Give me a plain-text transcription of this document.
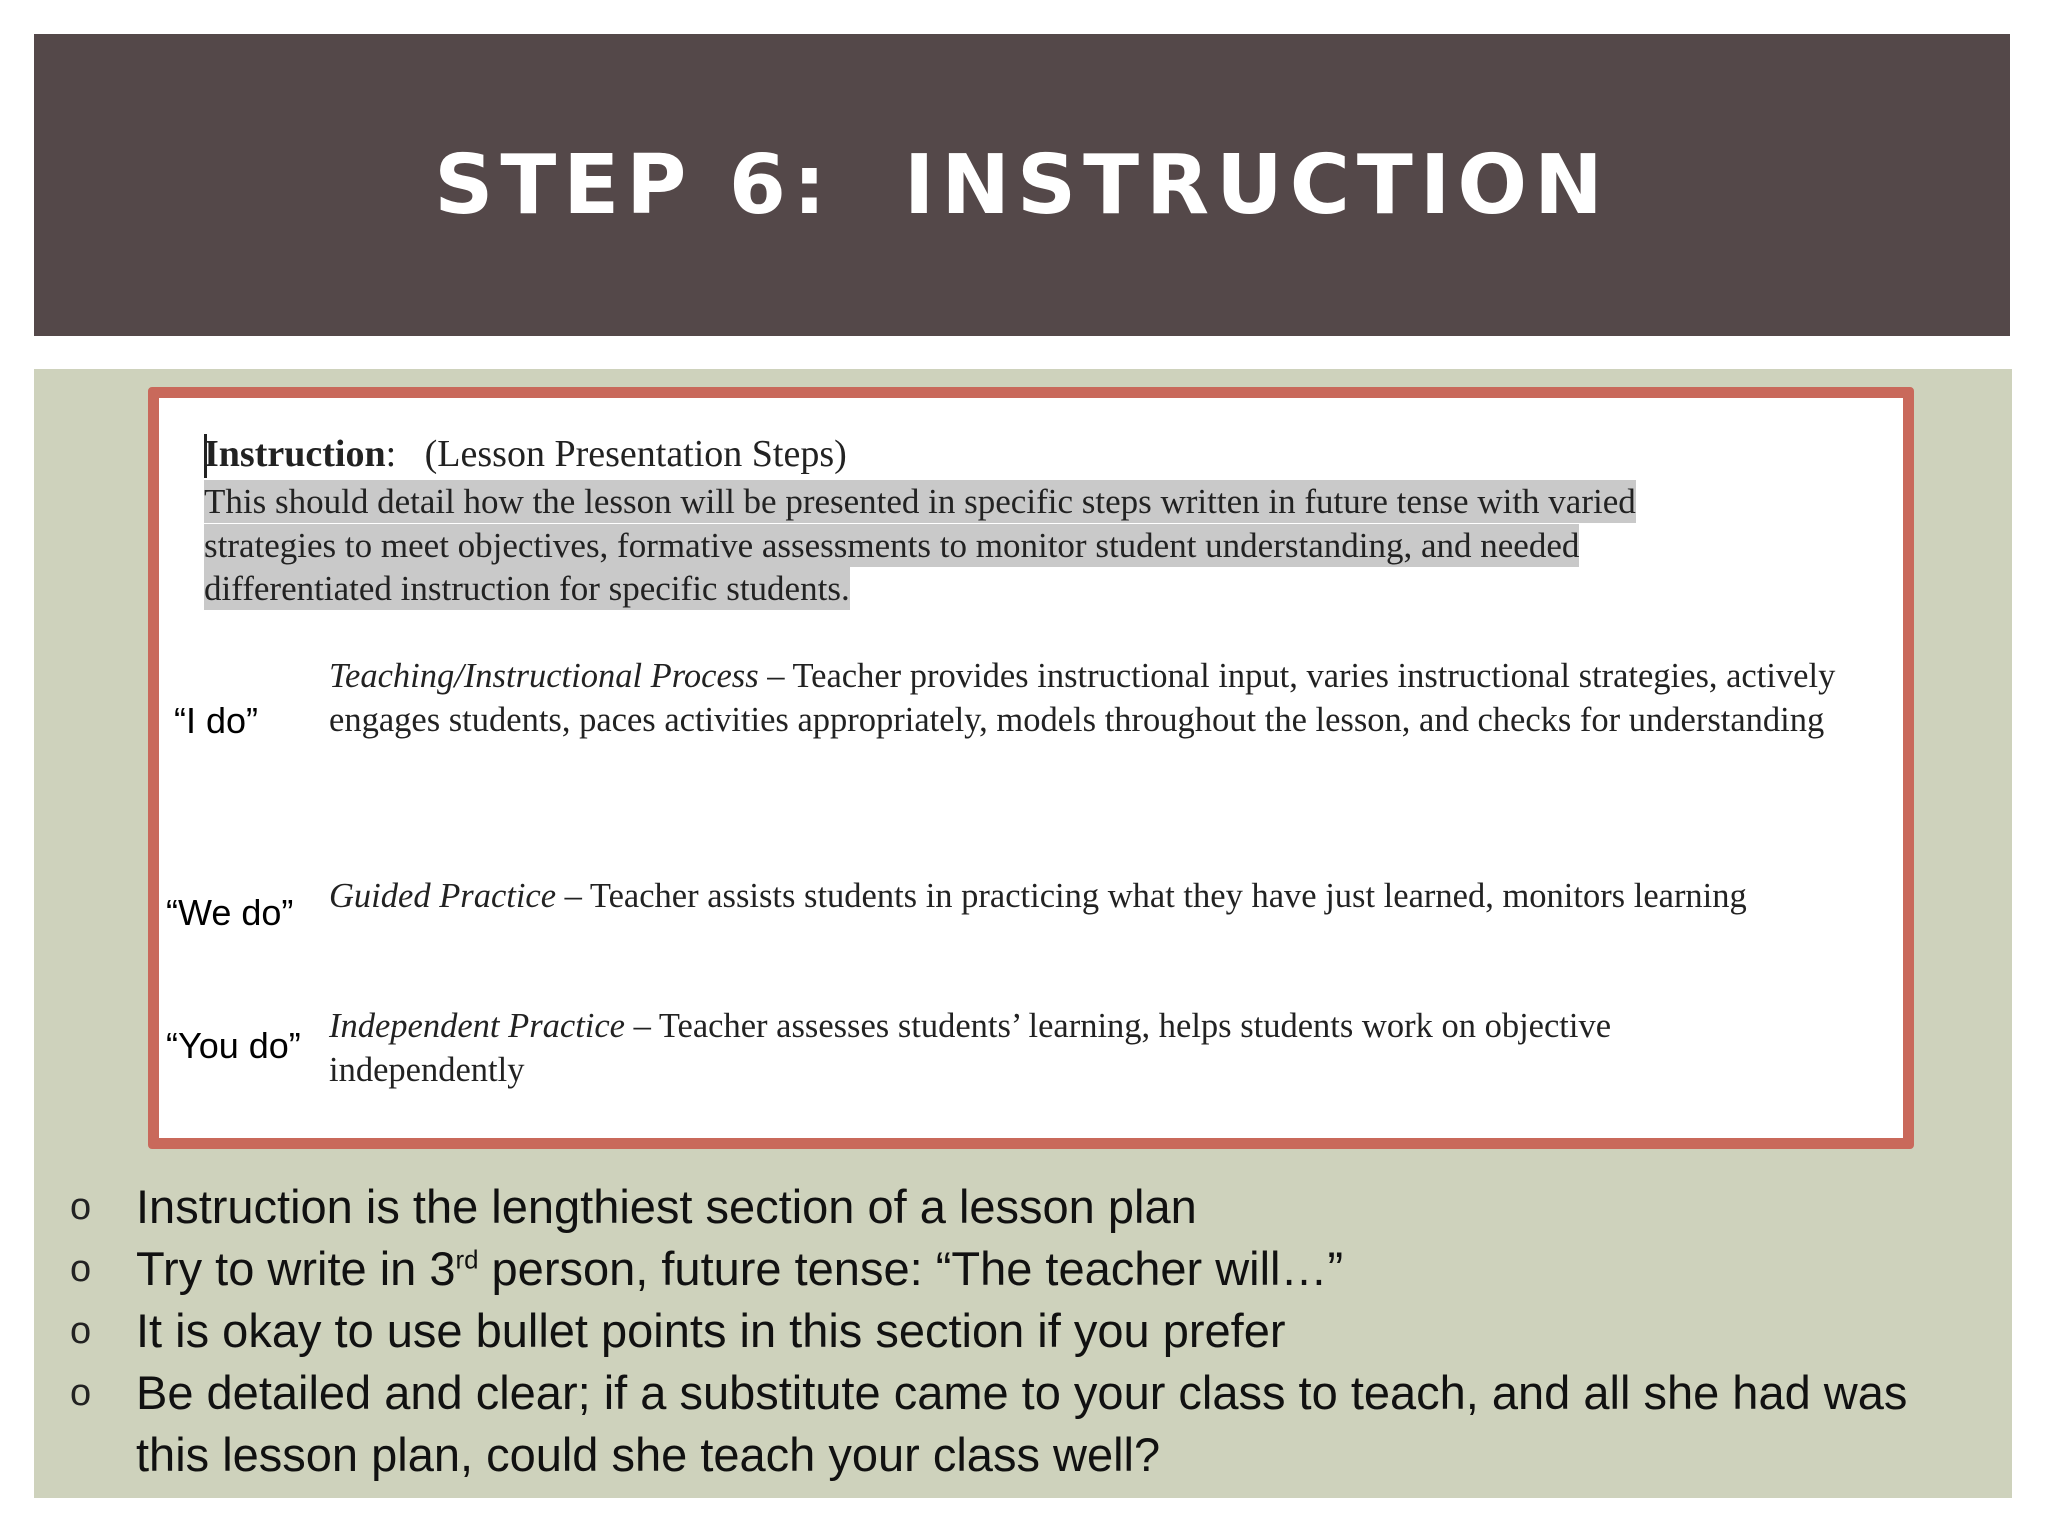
STEP 6:  INSTRUCTION
Instruction: (Lesson Presentation Steps)
This should detail how the lesson will be presented in specific steps written in future tense with varied strategies to meet objectives, formative assessments to monitor student understanding, and needed differentiated instruction for specific students.
“I do”
Teaching/Instructional Process – Teacher provides instructional input, varies instructional strategies, actively engages students, paces activities appropriately, models throughout the lesson, and checks for understanding
“We do” Guided Practice – Teacher assists students in practicing what they have just learned, monitors learning
“You do” Independent Practice – Teacher assesses students’ learning, helps students work on objective independently
o Instruction is the lengthiest section of a lesson plan
o Try to write in 3rd person, future tense: “The teacher will…”
o It is okay to use bullet points in this section if you prefer
o Be detailed and clear; if a substitute came to your class to teach, and all she had was this lesson plan, could she teach your class well?
